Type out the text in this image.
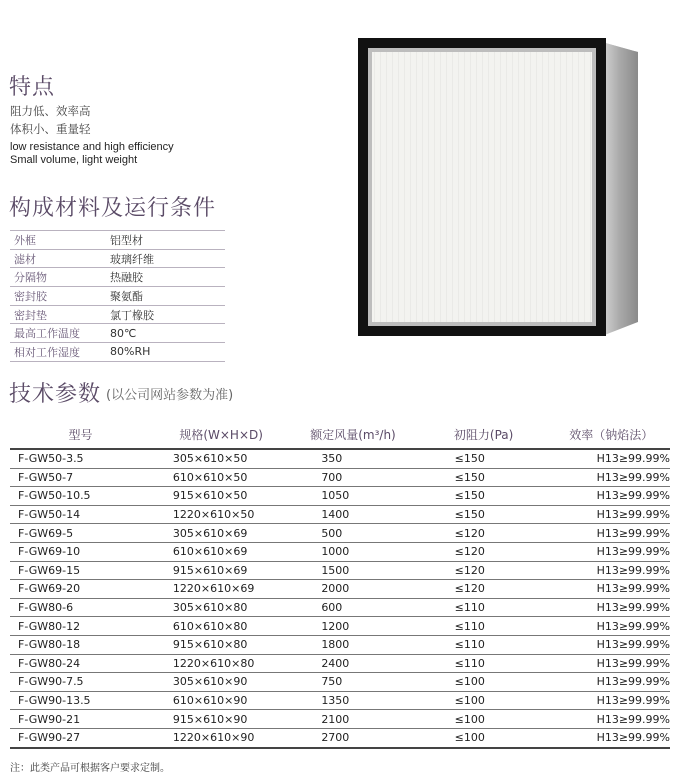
特点
阻力低、效率高
体积小、重量轻
low resistance and high efficiency
Small volume, light weight
构成材料及运行条件
外框	铝型材
滤材	玻璃纤维
分隔物	热融胶
密封胶	聚氨酯
密封垫	氯丁橡胶
最高工作温度	80℃
相对工作湿度	80%RH
技术参数 (以公司网站参数为准)
型号	规格(W×H×D)	额定风量(m³/h)	初阻力(Pa)	效率（钠焰法）
F-GW50-3.5	305×610×50	350	≤150	H13≥99.99%
F-GW50-7	610×610×50	700	≤150	H13≥99.99%
F-GW50-10.5	915×610×50	1050	≤150	H13≥99.99%
F-GW50-14	1220×610×50	1400	≤150	H13≥99.99%
F-GW69-5	305×610×69	500	≤120	H13≥99.99%
F-GW69-10	610×610×69	1000	≤120	H13≥99.99%
F-GW69-15	915×610×69	1500	≤120	H13≥99.99%
F-GW69-20	1220×610×69	2000	≤120	H13≥99.99%
F-GW80-6	305×610×80	600	≤110	H13≥99.99%
F-GW80-12	610×610×80	1200	≤110	H13≥99.99%
F-GW80-18	915×610×80	1800	≤110	H13≥99.99%
F-GW80-24	1220×610×80	2400	≤110	H13≥99.99%
F-GW90-7.5	305×610×90	750	≤100	H13≥99.99%
F-GW90-13.5	610×610×90	1350	≤100	H13≥99.99%
F-GW90-21	915×610×90	2100	≤100	H13≥99.99%
F-GW90-27	1220×610×90	2700	≤100	H13≥99.99%
注：此类产品可根据客户要求定制。
